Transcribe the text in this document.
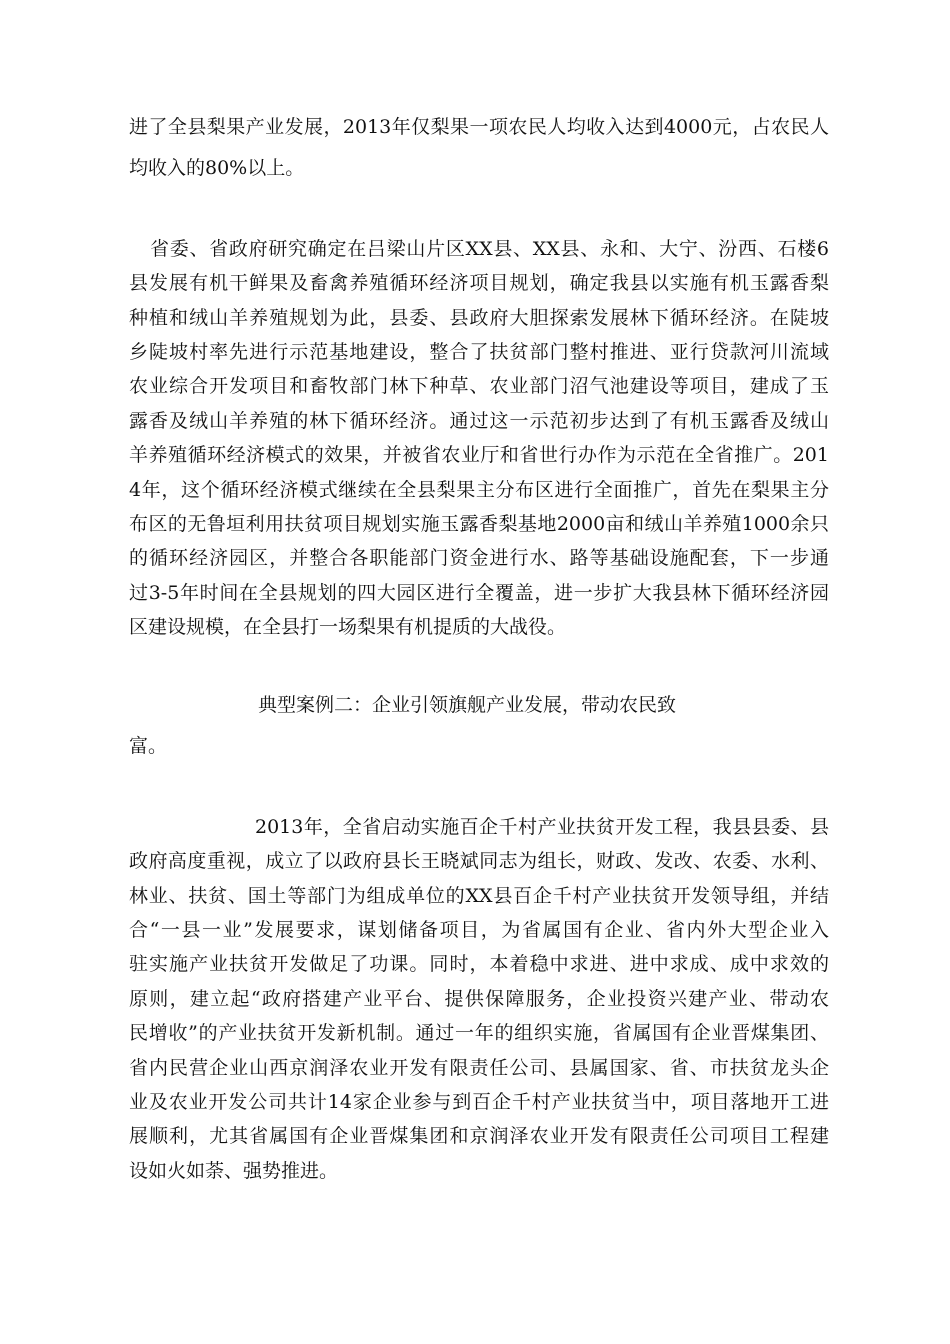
进了全县梨果产业发展，2013年仅梨果一项农民人均收入达到4000元，占农民人
均收入的80%以上。
省委、省政府研究确定在吕梁山片区XX县、XX县、永和、大宁、汾西、石楼6
县发展有机干鲜果及畜禽养殖循环经济项目规划，确定我县以实施有机玉露香梨
种植和绒山羊养殖规划为此，县委、县政府大胆探索发展林下循环经济。在陡坡
乡陡坡村率先进行示范基地建设，整合了扶贫部门整村推进、亚行贷款河川流域
农业综合开发项目和畜牧部门林下种草、农业部门沼气池建设等项目，建成了玉
露香及绒山羊养殖的林下循环经济。通过这一示范初步达到了有机玉露香及绒山
羊养殖循环经济模式的效果，并被省农业厅和省世行办作为示范在全省推广。201
4年，这个循环经济模式继续在全县梨果主分布区进行全面推广，首先在梨果主分
布区的无鲁垣利用扶贫项目规划实施玉露香梨基地2000亩和绒山羊养殖1000余只
的循环经济园区，并整合各职能部门资金进行水、路等基础设施配套，下一步通
过3-5年时间在全县规划的四大园区进行全覆盖，进一步扩大我县林下循环经济园
区建设规模，在全县打一场梨果有机提质的大战役。
典型案例二：企业引领旗舰产业发展，带动农民致
富。
2013年，全省启动实施百企千村产业扶贫开发工程，我县县委、县
政府高度重视，成立了以政府县长王晓斌同志为组长，财政、发改、农委、水利、
林业、扶贫、国土等部门为组成单位的XX县百企千村产业扶贫开发领导组，并结
合“一县一业”发展要求，谋划储备项目，为省属国有企业、省内外大型企业入
驻实施产业扶贫开发做足了功课。同时，本着稳中求进、进中求成、成中求效的
原则，建立起“政府搭建产业平台、提供保障服务，企业投资兴建产业、带动农
民增收”的产业扶贫开发新机制。通过一年的组织实施，省属国有企业晋煤集团、
省内民营企业山西京润泽农业开发有限责任公司、县属国家、省、市扶贫龙头企
业及农业开发公司共计14家企业参与到百企千村产业扶贫当中，项目落地开工进
展顺利，尤其省属国有企业晋煤集团和京润泽农业开发有限责任公司项目工程建
设如火如荼、强势推进。
